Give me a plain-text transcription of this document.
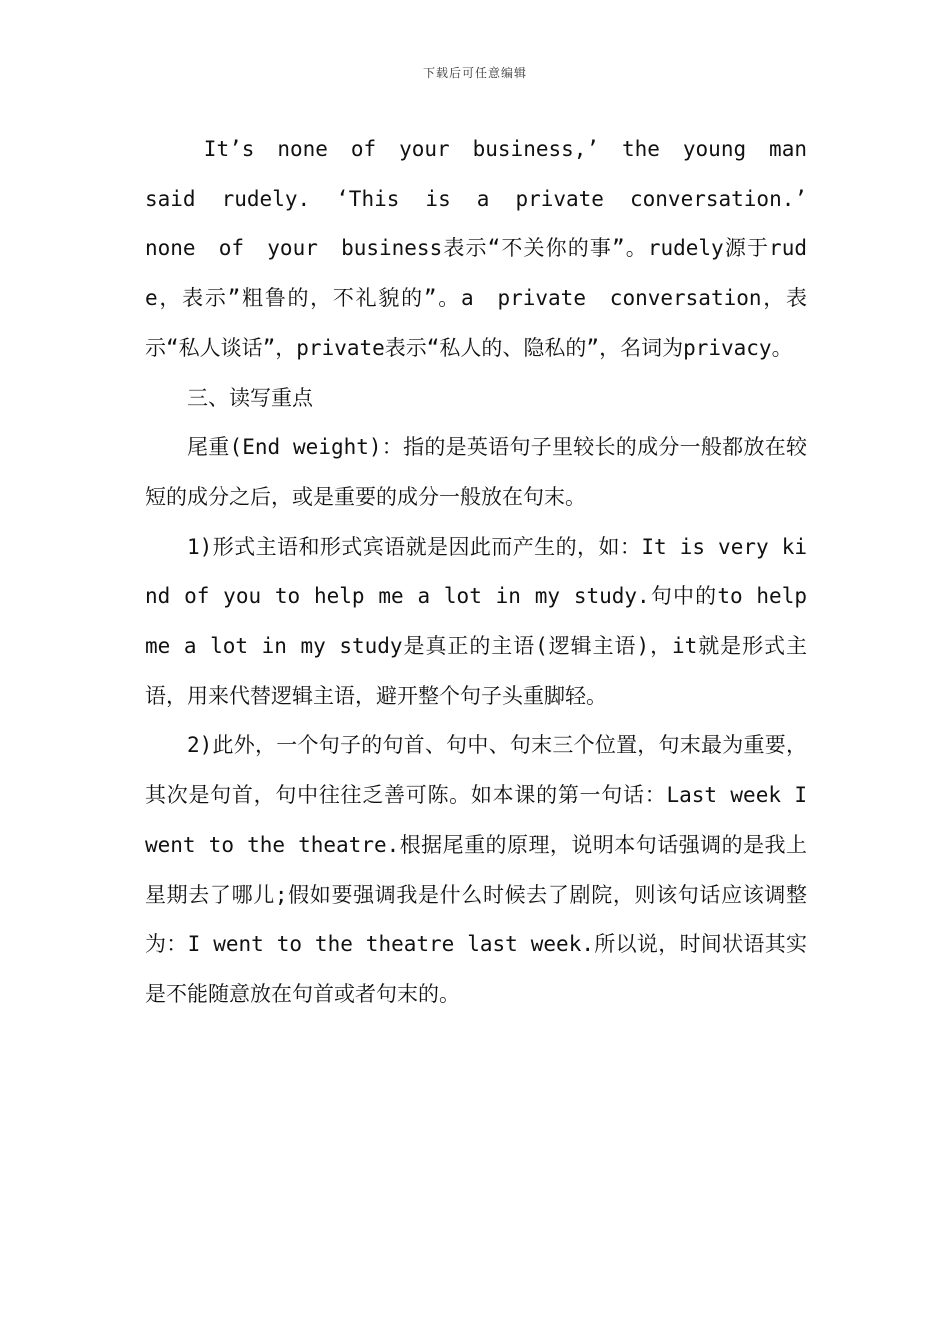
下载后可任意编辑

It’s none of your business,’ the young man said rudely. ‘This is a private conversation.’ none of your business表示“不关你的事”。rudely源于rude，表示”粗鲁的，不礼貌的”。a private conversation，表示“私人谈话”，private表示“私人的、隐私的”，名词为privacy。

三、读写重点

尾重(End weight)：指的是英语句子里较长的成分一般都放在较短的成分之后，或是重要的成分一般放在句末。

1)形式主语和形式宾语就是因此而产生的，如：It is very kind of you to help me a lot in my study.句中的to help me a lot in my study是真正的主语(逻辑主语)，it就是形式主语，用来代替逻辑主语，避开整个句子头重脚轻。

2)此外，一个句子的句首、句中、句末三个位置，句末最为重要，其次是句首，句中往往乏善可陈。如本课的第一句话：Last week I went to the theatre.根据尾重的原理，说明本句话强调的是我上星期去了哪儿;假如要强调我是什么时候去了剧院，则该句话应该调整为：I went to the theatre last week.所以说，时间状语其实是不能随意放在句首或者句末的。
